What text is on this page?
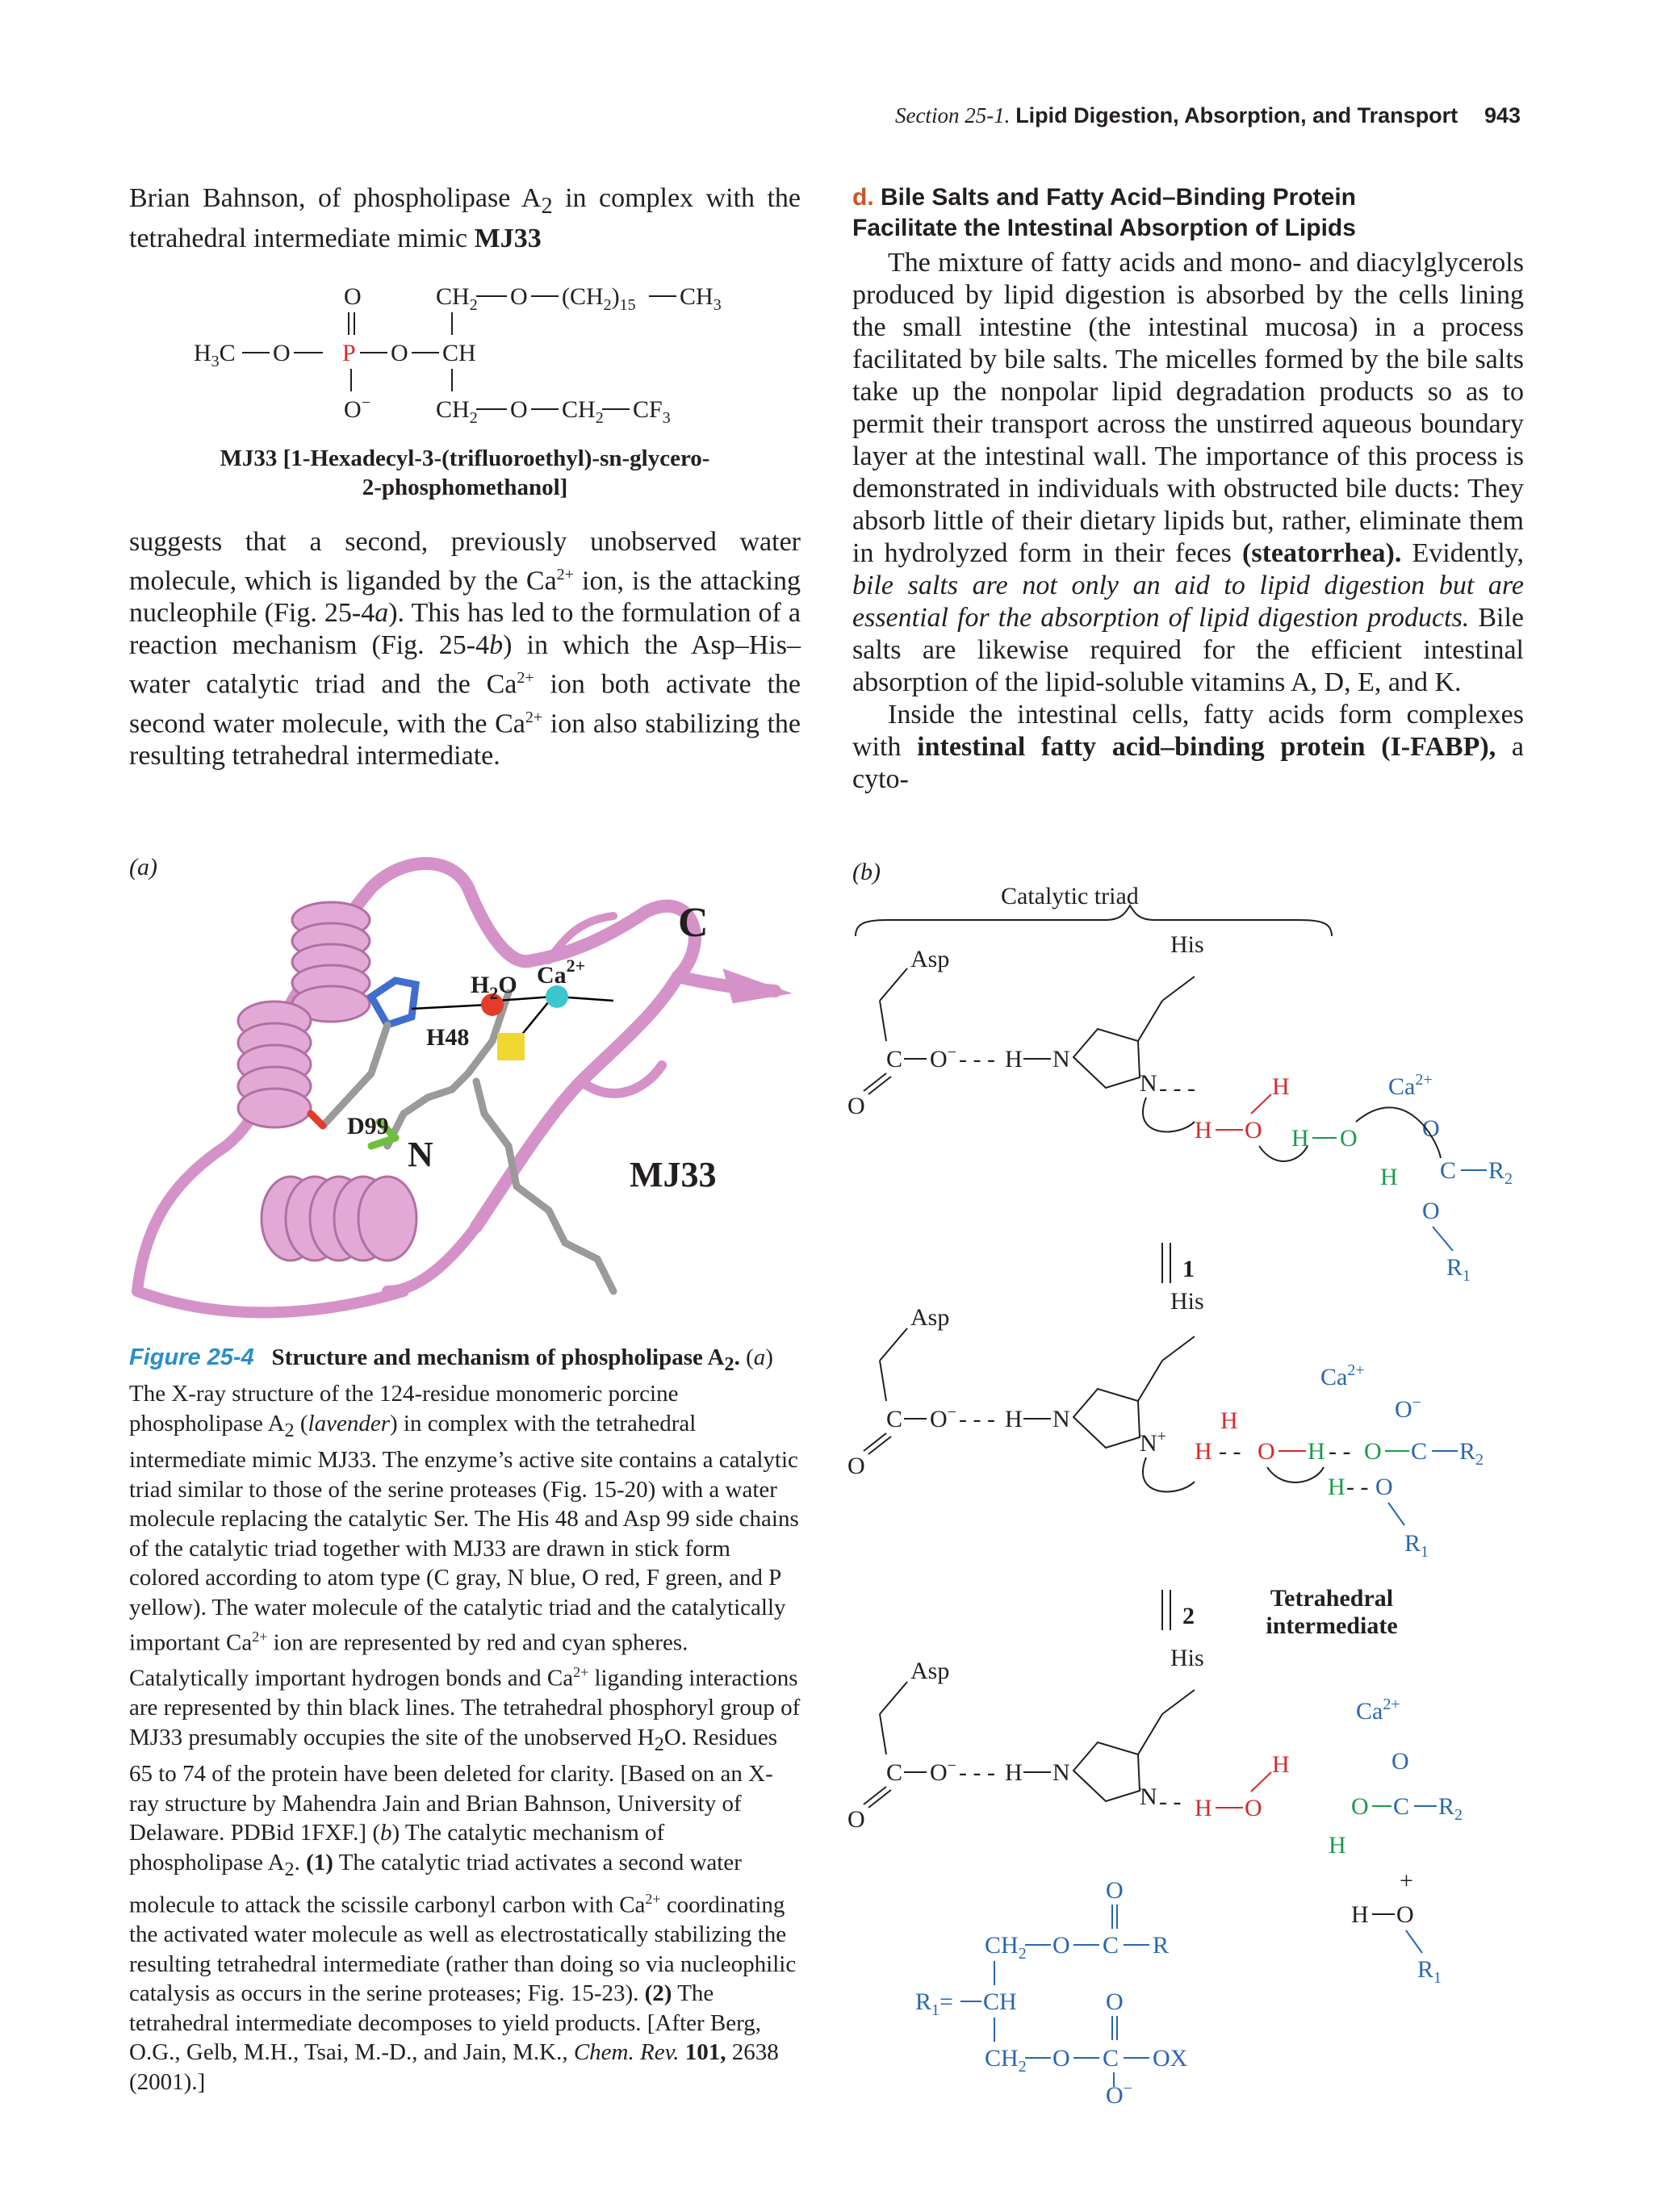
Section 25-1. Lipid Digestion, Absorption, and Transport 943

Brian Bahnson, of phospholipase $A_2$ in complex with the tetrahedral intermediate mimic MJ33

O	$CH_2$ O $(CH_2)_{15}$ $CH_3$
$H_3C$ O P O CH
O−	$CH_2$ O $CH_2$ $CF_3$
MJ33 [1-Hexadecyl-3-(trifluoroethyl)-sn-glycero-
2-phosphomethanol]

suggests that a second, previously unobserved water molecule, which is liganded by the $Ca^{2+}$ ion, is the attacking nucleophile (Fig. 25-4a). This has led to the formulation of a reaction mechanism (Fig. 25-4b) in which the Asp–His–water catalytic triad and the $Ca^{2+}$ ion both activate the second water molecule, with the $Ca^{2+}$ ion also stabilizing the resulting tetrahedral intermediate.

d. Bile Salts and Fatty Acid–Binding Protein
Facilitate the Intestinal Absorption of Lipids

The mixture of fatty acids and mono- and diacylglycerols produced by lipid digestion is absorbed by the cells lining the small intestine (the intestinal mucosa) in a process facilitated by bile salts. The micelles formed by the bile salts take up the nonpolar lipid degradation products so as to permit their transport across the unstirred aqueous boundary layer at the intestinal wall. The importance of this process is demonstrated in individuals with obstructed bile ducts: They absorb little of their dietary lipids but, rather, eliminate them in hydrolyzed form in their feces (steatorrhea). Evidently, bile salts are not only an aid to lipid digestion but are essential for the absorption of lipid digestion products. Bile salts are likewise required for the efficient intestinal absorption of the lipid-soluble vitamins A, D, E, and K.

Inside the intestinal cells, fatty acids form complexes with intestinal fatty acid–binding protein (I-FABP), a cyto-

(a)	(b)
C
N
$H_2O$ $Ca^{2+}$
H48
D99
MJ33
Catalytic triad
Asp
C O− - - - H N
N
His
O
- - -
H O
H
H O
H
$Ca^{2+}$
O
C $R_2$
O
$R_1$
1
Asp
C O− - - - H N
N+
His
O
H - - O
H
H - - O C $R_2$
H - - O
$R_1$
$Ca^{2+}$
O−
2
Tetrahedral
intermediate
Asp
C O− - - - H N
N
His
O
- - H O
H
$Ca^{2+}$
O
O C $R_2$
H
+
H O
$R_1$
O
$CH_2$ O C R
$R_1=$ CH	O
$CH_2$ O C OX
O−
Figure 25-4 Structure and mechanism of phospholipase $A_2$. (a) The X-ray structure of the 124-residue monomeric porcine phospholipase $A_2$ (lavender) in complex with the tetrahedral intermediate mimic MJ33. The enzyme’s active site contains a catalytic triad similar to those of the serine proteases (Fig. 15-20) with a water molecule replacing the catalytic Ser. The His 48 and Asp 99 side chains of the catalytic triad together with MJ33 are drawn in stick form colored according to atom type (C gray, N blue, O red, F green, and P yellow). The water molecule of the catalytic triad and the catalytically important $Ca^{2+}$ ion are represented by red and cyan spheres. Catalytically important hydrogen bonds and $Ca^{2+}$ liganding interactions are represented by thin black lines. The tetrahedral phosphoryl group of MJ33 presumably occupies the site of the unobserved $H_2O$. Residues 65 to 74 of the protein have been deleted for clarity. [Based on an X-ray structure by Mahendra Jain and Brian Bahnson, University of Delaware. PDBid 1FXF.] (b) The catalytic mechanism of phospholipase $A_2$. (1) The catalytic triad activates a second water molecule to attack the scissile carbonyl carbon with $Ca^{2+}$ coordinating the activated water molecule as well as electrostatically stabilizing the resulting tetrahedral intermediate (rather than doing so via nucleophilic catalysis as occurs in the serine proteases; Fig. 15-23). (2) The tetrahedral intermediate decomposes to yield products. [After Berg, O.G., Gelb, M.H., Tsai, M.-D., and Jain, M.K., Chem. Rev. 101, 2638 (2001).]
